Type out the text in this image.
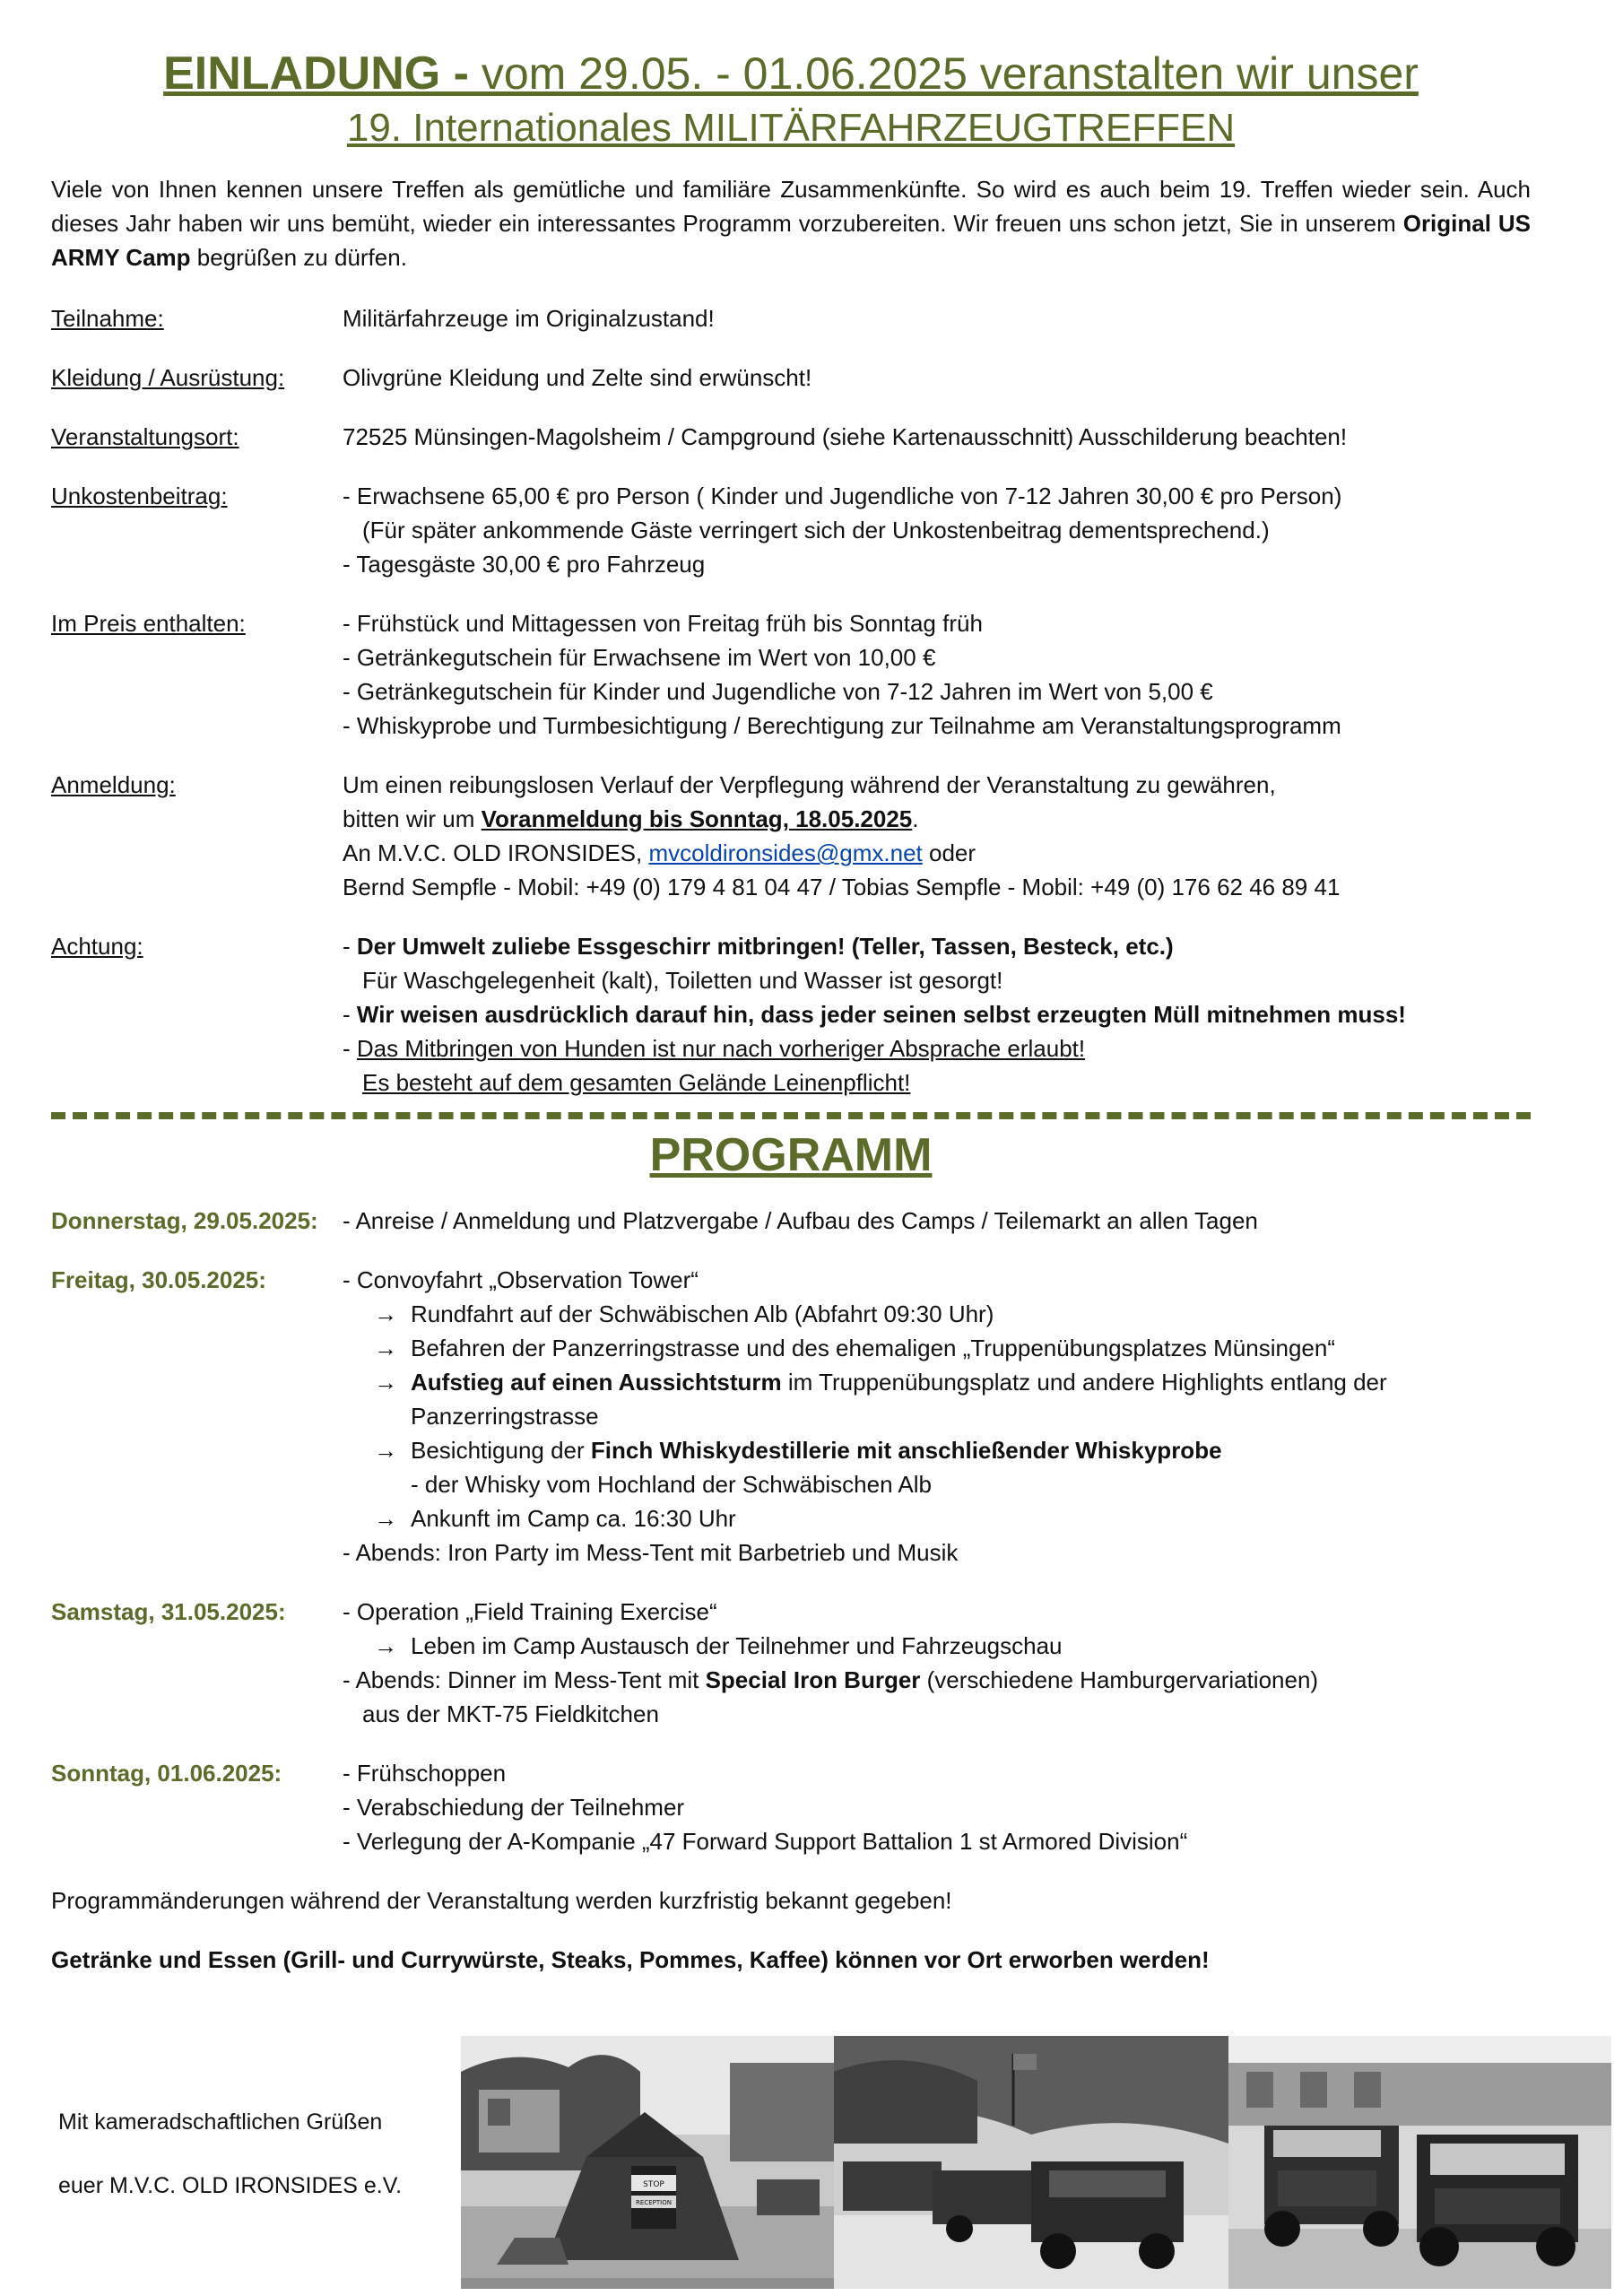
EINLADUNG - vom 29.05. - 01.06.2025 veranstalten wir unser
19. Internationales MILITÄRFAHRZEUGTREFFEN
Viele von Ihnen kennen unsere Treffen als gemütliche und familiäre Zusammenkünfte. So wird es auch beim 19. Treffen wieder sein. Auch dieses Jahr haben wir uns bemüht, wieder ein interessantes Programm vorzubereiten. Wir freuen uns schon jetzt, Sie in unserem Original US ARMY Camp begrüßen zu dürfen.
Teilnahme:	Militärfahrzeuge im Originalzustand!
Kleidung / Ausrüstung:	Olivgrüne Kleidung und Zelte sind erwünscht!
Veranstaltungsort:	72525 Münsingen-Magolsheim / Campground (siehe Kartenausschnitt) Ausschilderung beachten!
Unkostenbeitrag:	- Erwachsene 65,00 € pro Person ( Kinder und Jugendliche von 7-12 Jahren 30,00 € pro Person)
(Für später ankommende Gäste verringert sich der Unkostenbeitrag dementsprechend.)
- Tagesgäste 30,00 € pro Fahrzeug
Im Preis enthalten:	- Frühstück und Mittagessen von Freitag früh bis Sonntag früh
- Getränkegutschein für Erwachsene im Wert von 10,00 €
- Getränkegutschein für Kinder und Jugendliche von 7-12 Jahren im Wert von 5,00 €
- Whiskyprobe und Turmbesichtigung / Berechtigung zur Teilnahme am Veranstaltungsprogramm
Anmeldung:	Um einen reibungslosen Verlauf der Verpflegung während der Veranstaltung zu gewähren,
bitten wir um Voranmeldung bis Sonntag, 18.05.2025.
An M.V.C. OLD IRONSIDES, mvcoldironsides@gmx.net oder
Bernd Sempfle - Mobil: +49 (0) 179 4 81 04 47 / Tobias Sempfle - Mobil: +49 (0) 176 62 46 89 41
Achtung:	- Der Umwelt zuliebe Essgeschirr mitbringen! (Teller, Tassen, Besteck, etc.)
Für Waschgelegenheit (kalt), Toiletten und Wasser ist gesorgt!
- Wir weisen ausdrücklich darauf hin, dass jeder seinen selbst erzeugten Müll mitnehmen muss!
- Das Mitbringen von Hunden ist nur nach vorheriger Absprache erlaubt!
Es besteht auf dem gesamten Gelände Leinenpflicht!
PROGRAMM
Donnerstag, 29.05.2025:	- Anreise / Anmeldung und Platzvergabe / Aufbau des Camps / Teilemarkt an allen Tagen
Freitag, 30.05.2025:	- Convoyfahrt „Observation Tower“
→ Rundfahrt auf der Schwäbischen Alb (Abfahrt 09:30 Uhr)
→ Befahren der Panzerringstrasse und des ehemaligen „Truppenübungsplatzes Münsingen“
→ Aufstieg auf einen Aussichtsturm im Truppenübungsplatz und andere Highlights entlang der Panzerringstrasse
→ Besichtigung der Finch Whiskydestillerie mit anschließender Whiskyprobe
- der Whisky vom Hochland der Schwäbischen Alb
→ Ankunft im Camp ca. 16:30 Uhr
- Abends: Iron Party im Mess-Tent mit Barbetrieb und Musik
Samstag, 31.05.2025:	- Operation „Field Training Exercise“
→ Leben im Camp Austausch der Teilnehmer und Fahrzeugschau
- Abends: Dinner im Mess-Tent mit Special Iron Burger (verschiedene Hamburgervariationen)
aus der MKT-75 Fieldkitchen
Sonntag, 01.06.2025:	- Frühschoppen
- Verabschiedung der Teilnehmer
- Verlegung der A-Kompanie „47 Forward Support Battalion 1 st Armored Division“
Programmänderungen während der Veranstaltung werden kurzfristig bekannt gegeben!
Getränke und Essen (Grill- und Currywürste, Steaks, Pommes, Kaffee) können vor Ort erworben werden!
Mit kameradschaftlichen Grüßen
euer M.V.C. OLD IRONSIDES e.V.	STOP
RECEPTION
